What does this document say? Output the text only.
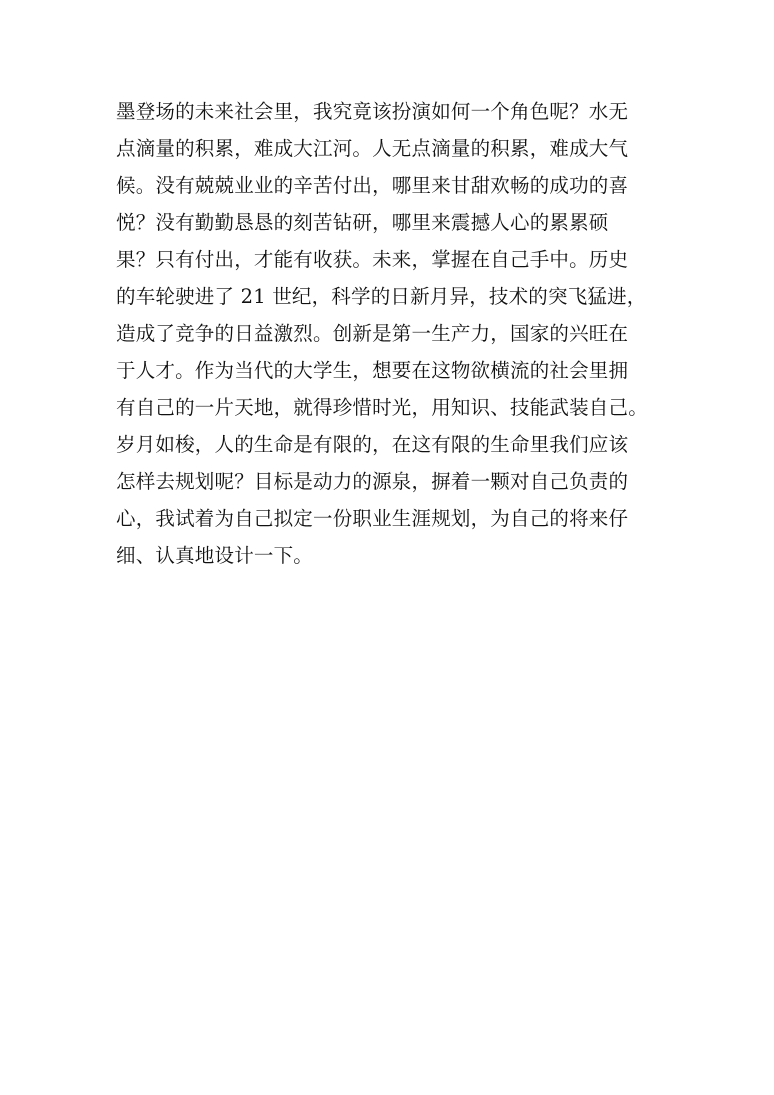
墨登场的未来社会里，我究竟该扮演如何一个角色呢？水无
点滴量的积累，难成大江河。人无点滴量的积累，难成大气
候。没有兢兢业业的辛苦付出，哪里来甘甜欢畅的成功的喜
悦？没有勤勤恳恳的刻苦钻研，哪里来震撼人心的累累硕
果？只有付出，才能有收获。未来，掌握在自己手中。历史
的车轮驶进了 21 世纪，科学的日新月异，技术的突飞猛进，
造成了竞争的日益激烈。创新是第一生产力，国家的兴旺在
于人才。作为当代的大学生，想要在这物欲横流的社会里拥
有自己的一片天地，就得珍惜时光，用知识、技能武装自己。
岁月如梭，人的生命是有限的，在这有限的生命里我们应该
怎样去规划呢？目标是动力的源泉，摒着一颗对自己负责的
心，我试着为自己拟定一份职业生涯规划，为自己的将来仔
细、认真地设计一下。
